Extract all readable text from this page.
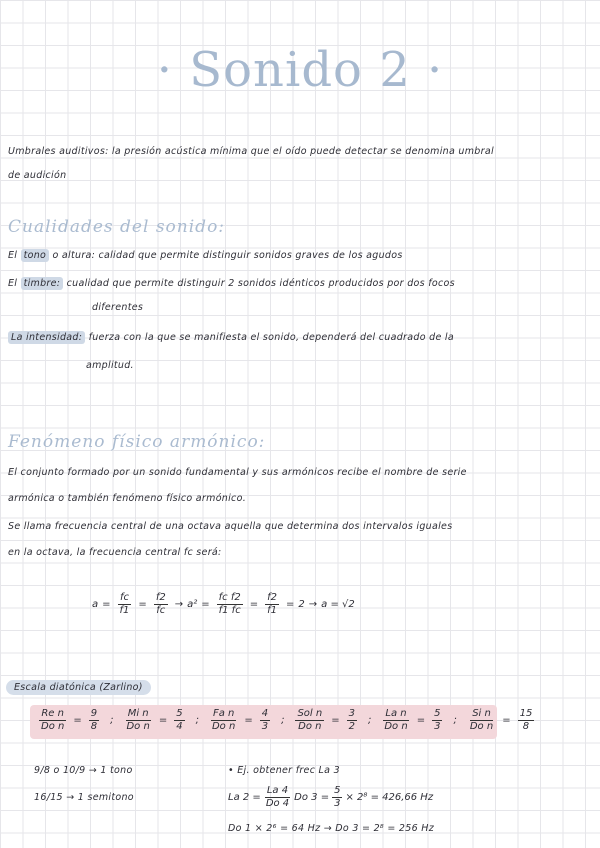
· Sonido 2 ·
Umbrales auditivos: la presión acústica mínima que el oído puede detectar se denomina umbral
de audición
Cualidades del sonido:
El tono o altura: calidad que permite distinguir sonidos graves de los agudos
El timbre: cualidad que permite distinguir 2 sonidos idénticos producidos por dos focos
diferentes
La intensidad: fuerza con la que se manifiesta el sonido, dependerá del cuadrado de la
amplitud.
Fenómeno físico armónico:
El conjunto formado por un sonido fundamental y sus armónicos recibe el nombre de serie
armónica o también fenómeno físico armónico.
Se llama frecuencia central de una octava aquella que determina dos intervalos iguales
en la octava, la frecuencia central fc será:
$a = \frac{fc}{f1} = \frac{f2}{fc} \to a^2 = \frac{\text{fc f2}}{f1 fc} = \frac{f2}{f1} = 2 \to a = √2$
Escala diatónica (Zarlino)
$\frac{\text{Re n}}{\text{Do n}} = \frac{9}{8}$ ; $\frac{\text{Mi n}}{\text{Do n}} = \frac{5}{4}$ ; $\frac{\text{Fa n}}{\text{Do n}} = \frac{4}{3}$ ; $\frac{\text{Sol n}}{\text{Do n}} = \frac{3}{2}$ ; $\frac{\text{La n}}{\text{Do n}} = \frac{5}{3}$ ; $\frac{\text{Si n}}{\text{Do n}} = \frac{15}{8}$
9/8 o 10/9 → 1 tono
16/15 → 1 semitono
• Ej. obtener frec La 3
La $2 = \frac{La 4}{Do 4}$ Do $3 = \frac{5}{3} \times 2^8 = 426,66$ Hz
Do 1 × 2⁶ = 64 Hz → Do 3 = 2⁸ = 256 Hz
